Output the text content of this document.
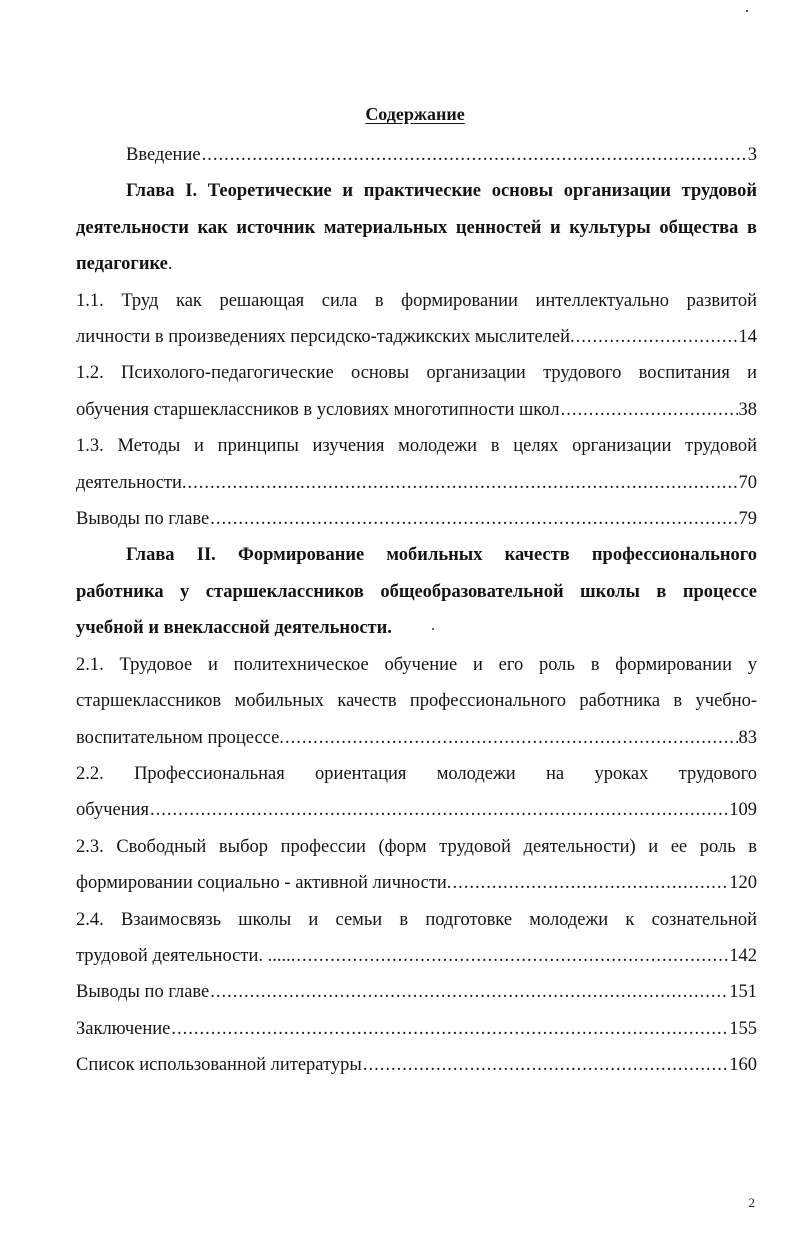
Содержание
Введение .....	3
Глава I. Теоретические и практические основы организации трудовой
деятельности как источник материальных ценностей и культуры общества в
педагогике.
1.1. Труд как решающая сила в формировании интеллектуально развитой
личности в произведениях персидско-таджикских мыслителей. .....	14
1.2. Психолого-педагогические основы организации трудового воспитания и
обучения старшеклассников в условиях многотипности школ .....	38
1.3. Методы и принципы изучения молодежи в целях организации трудовой
деятельности. .....	70
Выводы по главе .....	79
Глава II. Формирование мобильных качеств профессионального
работника у старшеклассников общеобразовательной школы в процессе
учебной и внеклассной деятельности.
2.1. Трудовое и политехническое обучение и его роль в формировании у
старшеклассников мобильных качеств профессионального работника в учебно-
воспитательном процессе. .....	83
2.2. Профессиональная ориентация молодежи на уроках трудового
обучения .....	109
2.3. Свободный выбор профессии (форм трудовой деятельности) и ее роль в
формировании социально - активной личности. .....	120
2.4. Взаимосвязь школы и семьи в подготовке молодежи к сознательной
трудовой деятельности. ...... .....	142
Выводы по главе .....	151
Заключение .....	155
Список использованной литературы .....	160
2
